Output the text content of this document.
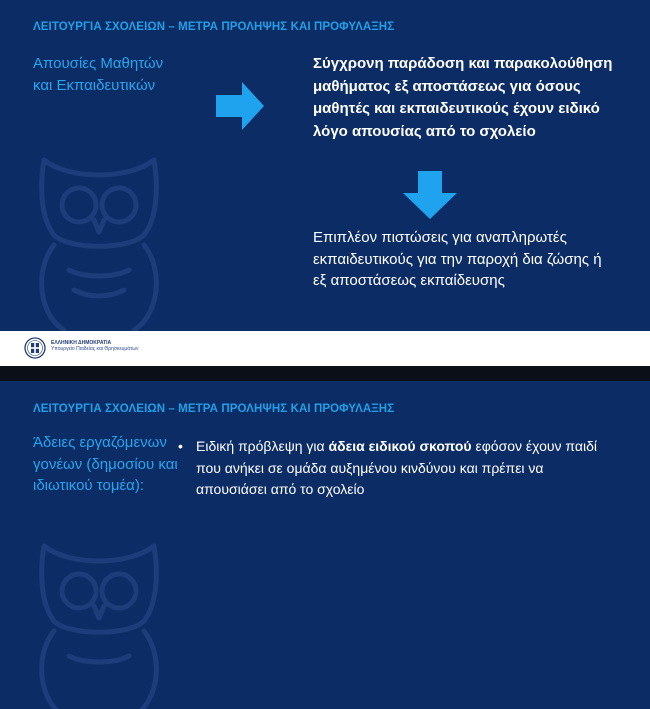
ΛΕΙΤΟΥΡΓΙΑ ΣΧΟΛΕΙΩΝ – ΜΕΤΡΑ ΠΡΟΛΗΨΗΣ ΚΑΙ ΠΡΟΦΥΛΑΞΗΣ
Απουσίες Μαθητών και Εκπαιδευτικών
Σύγχρονη παράδοση και παρακολούθηση μαθήματος εξ αποστάσεως για όσους μαθητές και εκπαιδευτικούς έχουν ειδικό λόγο απουσίας από το σχολείο
Επιπλέον πιστώσεις για αναπληρωτές εκπαιδευτικούς για την παροχή δια ζώσης ή εξ αποστάσεως εκπαίδευσης
ΕΛΛΗΝΙΚΗ ΔΗΜΟΚΡΑΤΙΑ
Υπουργείο Παιδείας και Θρησκευμάτων
ΛΕΙΤΟΥΡΓΙΑ ΣΧΟΛΕΙΩΝ – ΜΕΤΡΑ ΠΡΟΛΗΨΗΣ ΚΑΙ ΠΡΟΦΥΛΑΞΗΣ
Άδειες εργαζόμενων γονέων (δημοσίου και ιδιωτικού τομέα):
• Ειδική πρόβλεψη για άδεια ειδικού σκοπού εφόσον έχουν παιδί που ανήκει σε ομάδα αυξημένου κινδύνου και πρέπει να απουσιάσει από το σχολείο
